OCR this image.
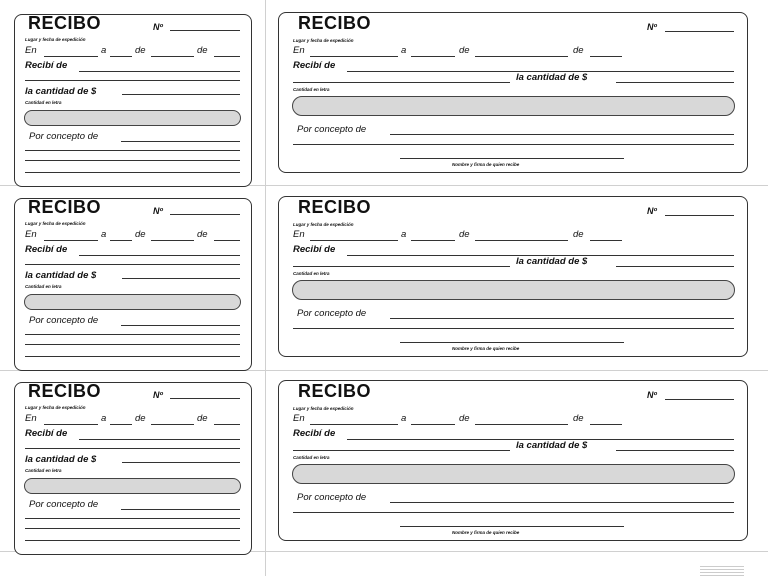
RECIBO	Nº
Lugar y fecha de expedición
En	a	de	de
Recibí de
la cantidad de $
Cantidad en letra
Por concepto de
RECIBO	Nº
Lugar y fecha de expedición
En	a	de	de
Recibí de
la cantidad de $
Cantidad en letra
Por concepto de
Nombre y firma de quien recibe
RECIBO	Nº
Lugar y fecha de expedición
En	a	de	de
Recibí de
la cantidad de $
Cantidad en letra
Por concepto de
RECIBO	Nº
Lugar y fecha de expedición
En	a	de	de
Recibí de
la cantidad de $
Cantidad en letra
Por concepto de
Nombre y firma de quien recibe
RECIBO	Nº
Lugar y fecha de expedición
En	a	de	de
Recibí de
la cantidad de $
Cantidad en letra
Por concepto de
RECIBO	Nº
Lugar y fecha de expedición
En	a	de	de
Recibí de
la cantidad de $
Cantidad en letra
Por concepto de
Nombre y firma de quien recibe
